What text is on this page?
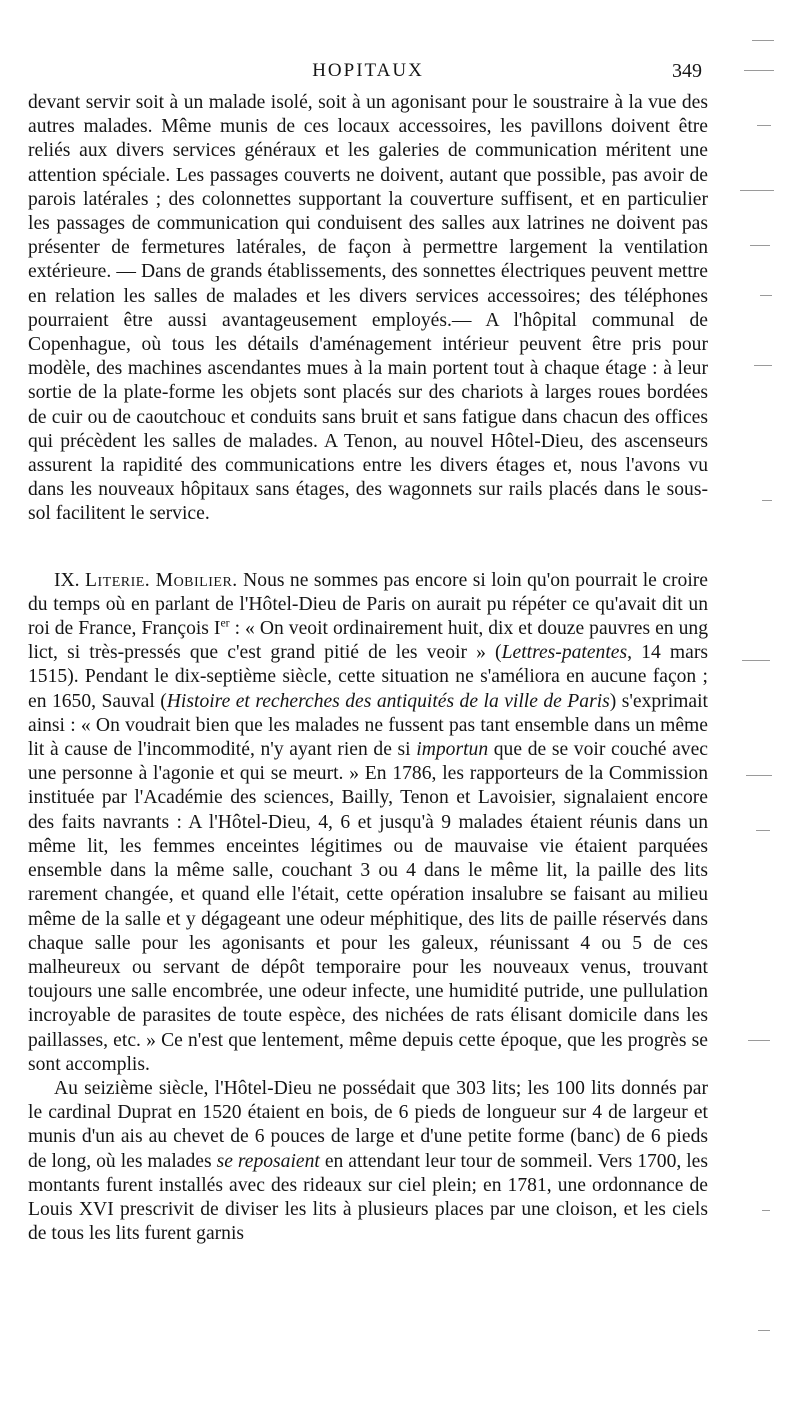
HOPITAUX	349

devant servir soit à un malade isolé, soit à un agonisant pour le soustraire à la vue des autres malades. Même munis de ces locaux accessoires, les pavillons doivent être reliés aux divers services généraux et les galeries de communication méritent une attention spéciale. Les passages couverts ne doivent, autant que possible, pas avoir de parois latérales ; des colonnettes supportant la couverture suffisent, et en particulier les passages de communication qui conduisent des salles aux latrines ne doivent pas présenter de fermetures latérales, de façon à permettre largement la ventilation extérieure. — Dans de grands établissements, des sonnettes électriques peuvent mettre en relation les salles de malades et les divers services accessoires; des téléphones pourraient être aussi avantageusement employés.— A l'hôpital communal de Copenhague, où tous les détails d'aménagement intérieur peuvent être pris pour modèle, des machines ascendantes mues à la main portent tout à chaque étage : à leur sortie de la plate-forme les objets sont placés sur des chariots à larges roues bordées de cuir ou de caoutchouc et conduits sans bruit et sans fatigue dans chacun des offices qui précèdent les salles de malades. A Tenon, au nouvel Hôtel-Dieu, des ascenseurs assurent la rapidité des communications entre les divers étages et, nous l'avons vu dans les nouveaux hôpitaux sans étages, des wagonnets sur rails placés dans le sous-sol facilitent le service.

IX. Literie. Mobilier. Nous ne sommes pas encore si loin qu'on pourrait le croire du temps où en parlant de l'Hôtel-Dieu de Paris on aurait pu répéter ce qu'avait dit un roi de France, François Ier : « On veoit ordinairement huit, dix et douze pauvres en ung lict, si très-pressés que c'est grand pitié de les veoir » (Lettres-patentes, 14 mars 1515). Pendant le dix-septième siècle, cette situation ne s'améliora en aucune façon ; en 1650, Sauval (Histoire et recherches des antiquités de la ville de Paris) s'exprimait ainsi : « On voudrait bien que les malades ne fussent pas tant ensemble dans un même lit à cause de l'incommodité, n'y ayant rien de si importun que de se voir couché avec une personne à l'agonie et qui se meurt. » En 1786, les rapporteurs de la Commission instituée par l'Académie des sciences, Bailly, Tenon et Lavoisier, signalaient encore des faits navrants : A l'Hôtel-Dieu, 4, 6 et jusqu'à 9 malades étaient réunis dans un même lit, les femmes enceintes légitimes ou de mauvaise vie étaient parquées ensemble dans la même salle, couchant 3 ou 4 dans le même lit, la paille des lits rarement changée, et quand elle l'était, cette opération insalubre se faisant au milieu même de la salle et y dégageant une odeur méphitique, des lits de paille réservés dans chaque salle pour les agonisants et pour les galeux, réunissant 4 ou 5 de ces malheureux ou servant de dépôt temporaire pour les nouveaux venus, trouvant toujours une salle encombrée, une odeur infecte, une humidité putride, une pullulation incroyable de parasites de toute espèce, des nichées de rats élisant domicile dans les paillasses, etc. » Ce n'est que lentement, même depuis cette époque, que les progrès se sont accomplis.

Au seizième siècle, l'Hôtel-Dieu ne possédait que 303 lits; les 100 lits donnés par le cardinal Duprat en 1520 étaient en bois, de 6 pieds de longueur sur 4 de largeur et munis d'un ais au chevet de 6 pouces de large et d'une petite forme (banc) de 6 pieds de long, où les malades se reposaient en attendant leur tour de sommeil. Vers 1700, les montants furent installés avec des rideaux sur ciel plein; en 1781, une ordonnance de Louis XVI prescrivit de diviser les lits à plusieurs places par une cloison, et les ciels de tous les lits furent garnis
